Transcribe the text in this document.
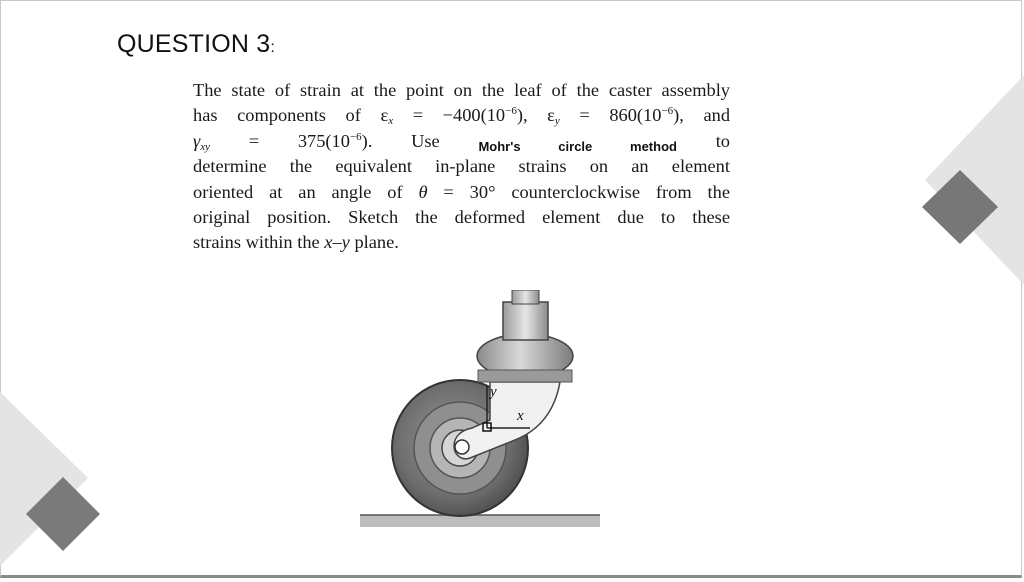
QUESTION 3:
The state of strain at the point on the leaf of the caster assembly
has components of $\varepsilon_x = -400(10^{-6})$, $\varepsilon_y = 860(10^{-6})$, and
$\gamma_{xy} = 375(10^{-6})$. Use	$_{Mohr's circle method}$ to
determine the equivalent in-plane strains on an element
oriented at an angle of θ = 30° counterclockwise from the
original position. Sketch the deformed element due to these
strains within the x–y plane.
y
x
